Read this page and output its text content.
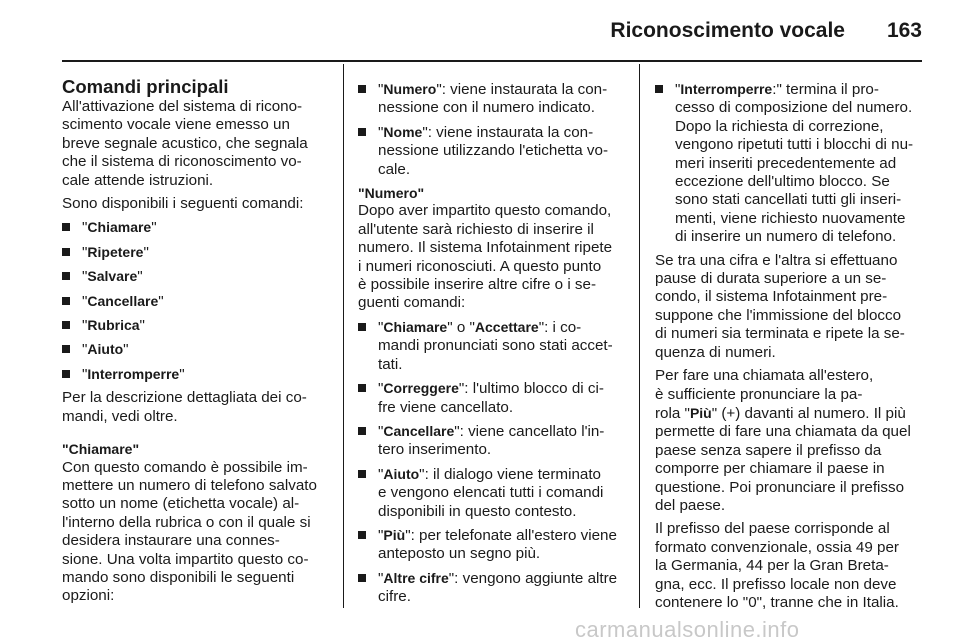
Riconoscimento vocale 163
Comandi principali
All'attivazione del sistema di ricono-
scimento vocale viene emesso un
breve segnale acustico, che segnala
che il sistema di riconoscimento vo-
cale attende istruzioni.
Sono disponibili i seguenti comandi:
"Chiamare"
"Ripetere"
"Salvare"
"Cancellare"
"Rubrica"
"Aiuto"
"Interromperre"
Per la descrizione dettagliata dei co-
mandi, vedi oltre.
"Chiamare"
Con questo comando è possibile im-
mettere un numero di telefono salvato
sotto un nome (etichetta vocale) al-
l'interno della rubrica o con il quale si
desidera instaurare una connes-
sione. Una volta impartito questo co-
mando sono disponibili le seguenti
opzioni:
"Numero": viene instaurata la con-
nessione con il numero indicato.
"Nome": viene instaurata la con-
nessione utilizzando l'etichetta vo-
cale.
"Numero"
Dopo aver impartito questo comando,
all'utente sarà richiesto di inserire il
numero. Il sistema Infotainment ripete
i numeri riconosciuti. A questo punto
è possibile inserire altre cifre o i se-
guenti comandi:
"Chiamare" o "Accettare": i co-
mandi pronunciati sono stati accet-
tati.
"Correggere": l'ultimo blocco di ci-
fre viene cancellato.
"Cancellare": viene cancellato l'in-
tero inserimento.
"Aiuto": il dialogo viene terminato
e vengono elencati tutti i comandi
disponibili in questo contesto.
"Più": per telefonate all'estero viene
anteposto un segno più.
"Altre cifre": vengono aggiunte altre
cifre.
"Interromperre:" termina il pro-
cesso di composizione del numero.
Dopo la richiesta di correzione,
vengono ripetuti tutti i blocchi di nu-
meri inseriti precedentemente ad
eccezione dell'ultimo blocco. Se
sono stati cancellati tutti gli inseri-
menti, viene richiesto nuovamente
di inserire un numero di telefono.
Se tra una cifra e l'altra si effettuano
pause di durata superiore a un se-
condo, il sistema Infotainment pre-
suppone che l'immissione del blocco
di numeri sia terminata e ripete la se-
quenza di numeri.
Per fare una chiamata all'estero,
è sufficiente pronunciare la pa-
rola "Più" (+) davanti al numero. Il più
permette di fare una chiamata da quel
paese senza sapere il prefisso da
comporre per chiamare il paese in
questione. Poi pronunciare il prefisso
del paese.
Il prefisso del paese corrisponde al
formato convenzionale, ossia 49 per
la Germania, 44 per la Gran Breta-
gna, ecc. Il prefisso locale non deve
contenere lo "0", tranne che in Italia.
carmanualsonline.info
